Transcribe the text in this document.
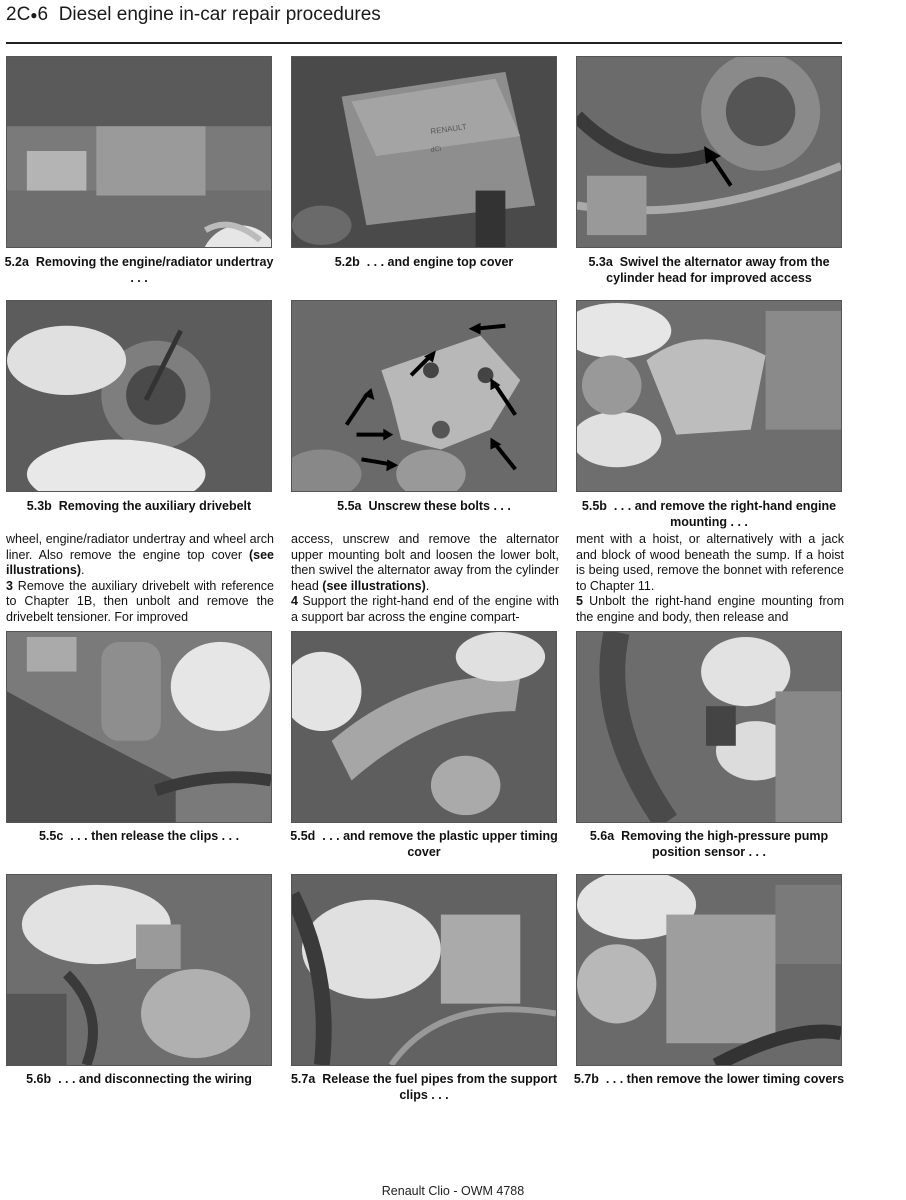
2C●6 Diesel engine in-car repair procedures
RENAULT
dCi
5.2a Removing the engine/radiator undertray . . .
5.2b . . . and engine top cover	5.3a Swivel the alternator away from the cylinder head for improved access
5.3b Removing the auxiliary drivebelt	5.5a Unscrew these bolts . . .	5.5b . . . and remove the right-hand engine mounting . . .
wheel, engine/radiator undertray and wheel arch liner. Also remove the engine top cover (see illustrations).
3 Remove the auxiliary drivebelt with reference to Chapter 1B, then unbolt and remove the drivebelt tensioner. For improved
access, unscrew and remove the alternator upper mounting bolt and loosen the lower bolt, then swivel the alternator away from the cylinder head (see illustrations).
4 Support the right-hand end of the engine with a support bar across the engine compart-
ment with a hoist, or alternatively with a jack and block of wood beneath the sump. If a hoist is being used, remove the bonnet with reference to Chapter 11.
5 Unbolt the right-hand engine mounting from the engine and body, then release and
5.5c . . . then release the clips . . .	5.5d . . . and remove the plastic upper timing cover
5.6a Removing the high-pressure pump position sensor . . .
5.6b . . . and disconnecting the wiring	5.7a Release the fuel pipes from the support clips . . .
5.7b . . . then remove the lower timing covers
Renault Clio - OWM 4788
